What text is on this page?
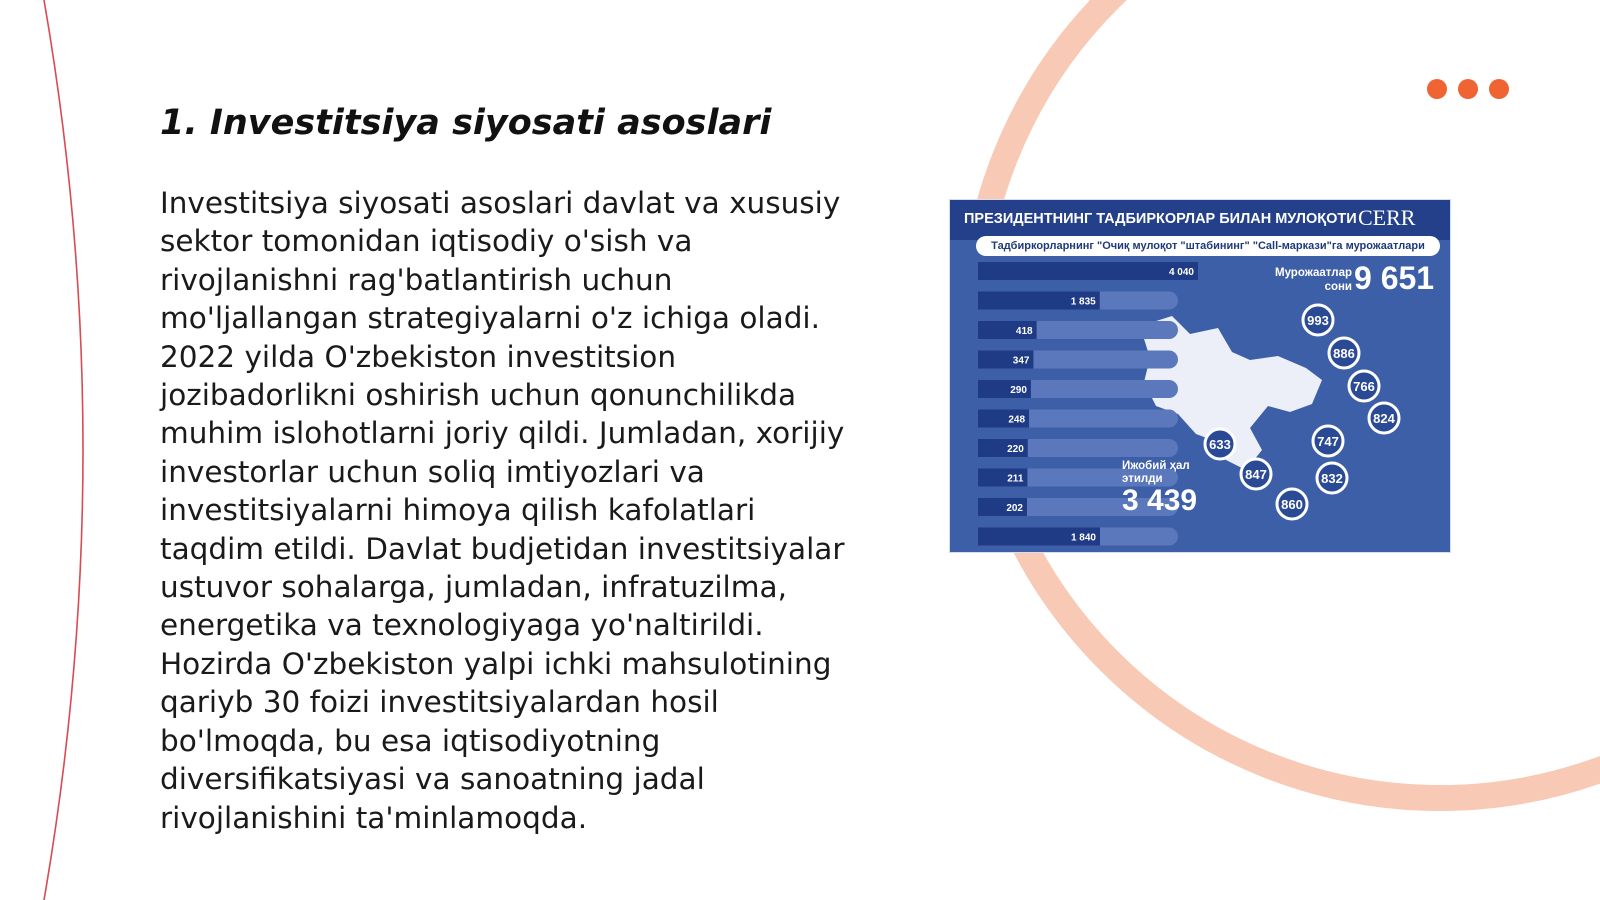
1. Investitsiya siyosati asoslari

Investitsiya siyosati asoslari davlat va xususiy sektor tomonidan iqtisodiy o'sish va rivojlanishni rag'batlantirish uchun mo'ljallangan strategiyalarni o'z ichiga oladi. 2022 yilda O'zbekiston investitsion jozibadorlikni oshirish uchun qonunchilikda muhim islohotlarni joriy qildi. Jumladan, xorijiy investorlar uchun soliq imtiyozlari va investitsiyalarni himoya qilish kafolatlari taqdim etildi. Davlat budjetidan investitsiyalar ustuvor sohalarga, jumladan, infratuzilma, energetika va texnologiyaga yo'naltirildi. Hozirda O'zbekiston yalpi ichki mahsulotining qariyb 30 foizi investitsiyalardan hosil bo'lmoqda, bu esa iqtisodiyotning diversifikatsiyasi va sanoatning jadal rivojlanishini ta'minlamoqda.

ПРЕЗИДЕНТНИНГ ТАДБИРКОРЛАР БИЛАН МУЛОҚОТИ CERR
Тадбиркорларнинг "Очиқ мулоқот "штабининг" "Call-маркази"га мурожаатлари
4 040
1 835
418
347
290
248
220
211
202
1 840
993
886
766
824
747
832
860
847
633
Мурожаатлар сони 9 651
Ижобий ҳал этилди
3 439
